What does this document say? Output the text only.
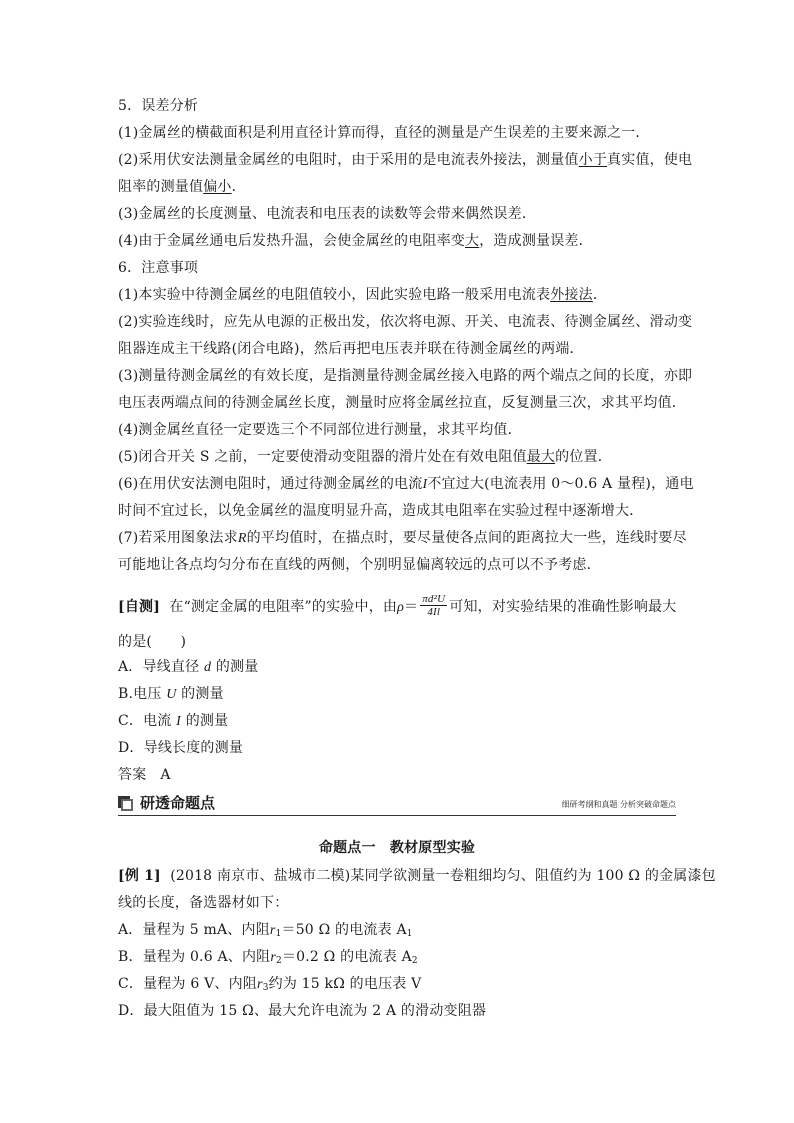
5．误差分析
(1)金属丝的横截面积是利用直径计算而得，直径的测量是产生误差的主要来源之一．
(2)采用伏安法测量金属丝的电阻时，由于采用的是电流表外接法，测量值小于真实值，使电
阻率的测量值偏小．
(3)金属丝的长度测量、电流表和电压表的读数等会带来偶然误差．
(4)由于金属丝通电后发热升温，会使金属丝的电阻率变大，造成测量误差．
6．注意事项
(1)本实验中待测金属丝的电阻值较小，因此实验电路一般采用电流表外接法．
(2)实验连线时，应先从电源的正极出发，依次将电源、开关、电流表、待测金属丝、滑动变
阻器连成主干线路(闭合电路)，然后再把电压表并联在待测金属丝的两端．
(3)测量待测金属丝的有效长度，是指测量待测金属丝接入电路的两个端点之间的长度，亦即
电压表两端点间的待测金属丝长度，测量时应将金属丝拉直，反复测量三次，求其平均值．
(4)测金属丝直径一定要选三个不同部位进行测量，求其平均值．
(5)闭合开关 S 之前，一定要使滑动变阻器的滑片处在有效电阻值最大的位置．
(6)在用伏安法测电阻时，通过待测金属丝的电流I不宜过大(电流表用 0～0.6 A 量程)，通电
时间不宜过长，以免金属丝的温度明显升高，造成其电阻率在实验过程中逐渐增大．
(7)若采用图象法求R的平均值时，在描点时，要尽量使各点间的距离拉大一些，连线时要尽
可能地让各点均匀分布在直线的两侧，个别明显偏离较远的点可以不予考虑．
[自测] 在“测定金属的电阻率”的实验中，由$\rho= \frac{\text{πd²U}}{4Il}$ 可知，对实验结果的准确性影响最大
的是(　　)
A．导线直径 d 的测量
B.电压 U 的测量
C．电流 I 的测量
D．导线长度的测量
答案 A
研透命题点	细研考纲和真题 分析突破命题点
命题点一　教材原型实验
[例 1] (2018 南京市、盐城市二模)某同学欲测量一卷粗细均匀、阻值约为 100 Ω 的金属漆包
线的长度，备选器材如下：
A．量程为 5 mA、内阻$r_1=50$ Ω 的电流表 $A_1$
B．量程为 0.6 A、内阻$r_2=0.2$ Ω 的电流表 $A_2$
C．量程为 6 V、内阻$r_3$约为 15 kΩ 的电压表 V
D．最大阻值为 15 Ω、最大允许电流为 2 A 的滑动变阻器
